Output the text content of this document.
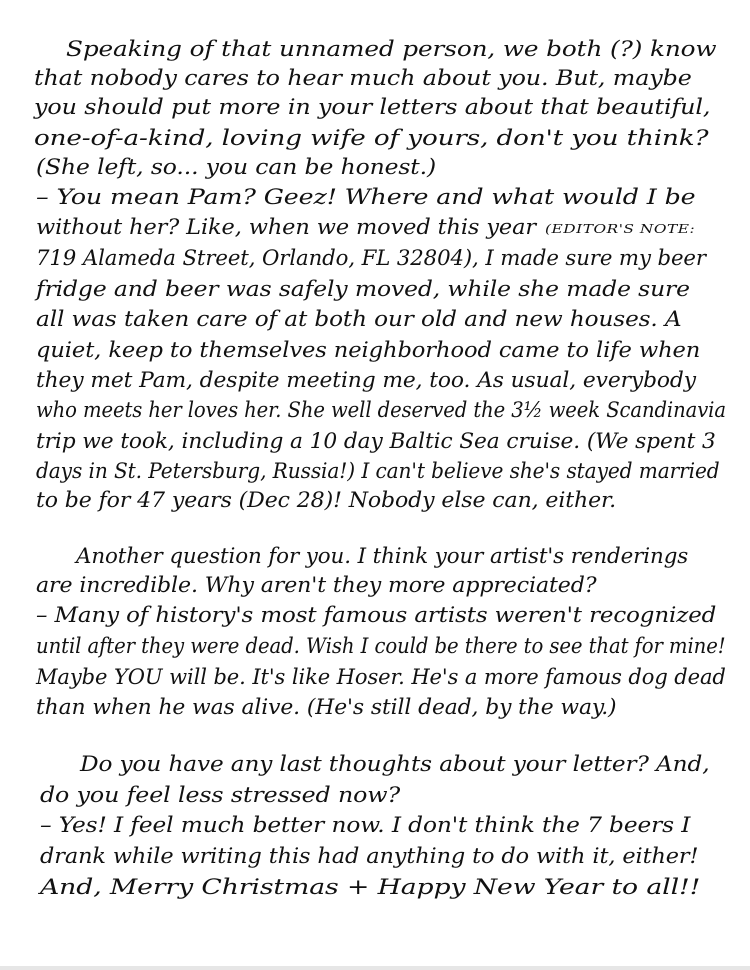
Speaking of that unnamed person, we both (?) know
that nobody cares to hear much about you. But, maybe
you should put more in your letters about that beautiful,
one-of-a-kind, loving wife of yours, don't you think?
(She left, so... you can be honest.)
– You mean Pam? Geez! Where and what would I be
without her? Like, when we moved this year (EDITOR'S NOTE:
719 Alameda Street, Orlando, FL 32804), I made sure my beer
fridge and beer was safely moved, while she made sure
all was taken care of at both our old and new houses. A
quiet, keep to themselves neighborhood came to life when
they met Pam, despite meeting me, too. As usual, everybody
who meets her loves her. She well deserved the 3½ week Scandinavia
trip we took, including a 10 day Baltic Sea cruise. (We spent 3
days in St. Petersburg, Russia!) I can't believe she's stayed married
to be for 47 years (Dec 28)! Nobody else can, either.
Another question for you. I think your artist's renderings
are incredible. Why aren't they more appreciated?
– Many of history's most famous artists weren't recognized
until after they were dead. Wish I could be there to see that for mine!
Maybe YOU will be. It's like Hoser. He's a more famous dog dead
than when he was alive. (He's still dead, by the way.)
Do you have any last thoughts about your letter? And,
do you feel less stressed now?
– Yes! I feel much better now. I don't think the 7 beers I
drank while writing this had anything to do with it, either!
And, Merry Christmas + Happy New Year to all!!
